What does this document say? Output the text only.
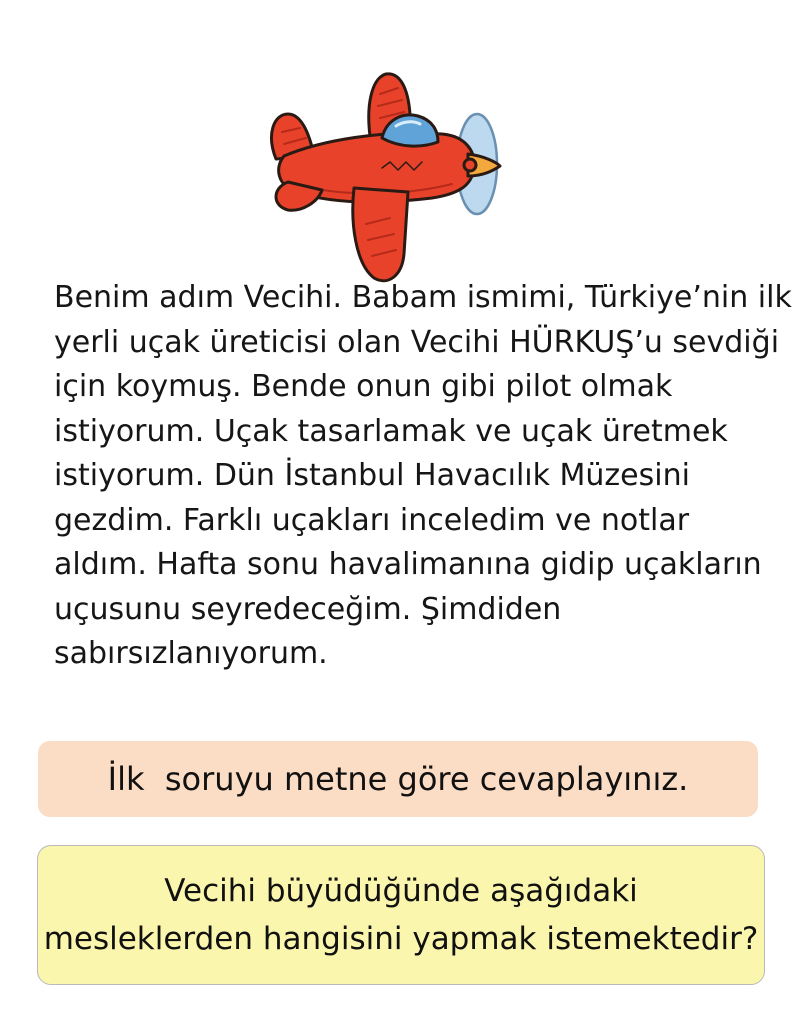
Benim adım Vecihi. Babam ismimi, Türkiye’nin ilk
yerli uçak üreticisi olan Vecihi HÜRKUŞ’u sevdiği
için koymuş. Bende onun gibi pilot olmak
istiyorum. Uçak tasarlamak ve uçak üretmek
istiyorum. Dün İstanbul Havacılık Müzesini
gezdim. Farklı uçakları inceledim ve notlar
aldım. Hafta sonu havalimanına gidip uçakların
uçusunu seyredeceğim. Şimdiden
sabırsızlanıyorum.
İlk  soruyu metne göre cevaplayınız.
Vecihi büyüdüğünde aşağıdaki
mesleklerden hangisini yapmak istemektedir?
